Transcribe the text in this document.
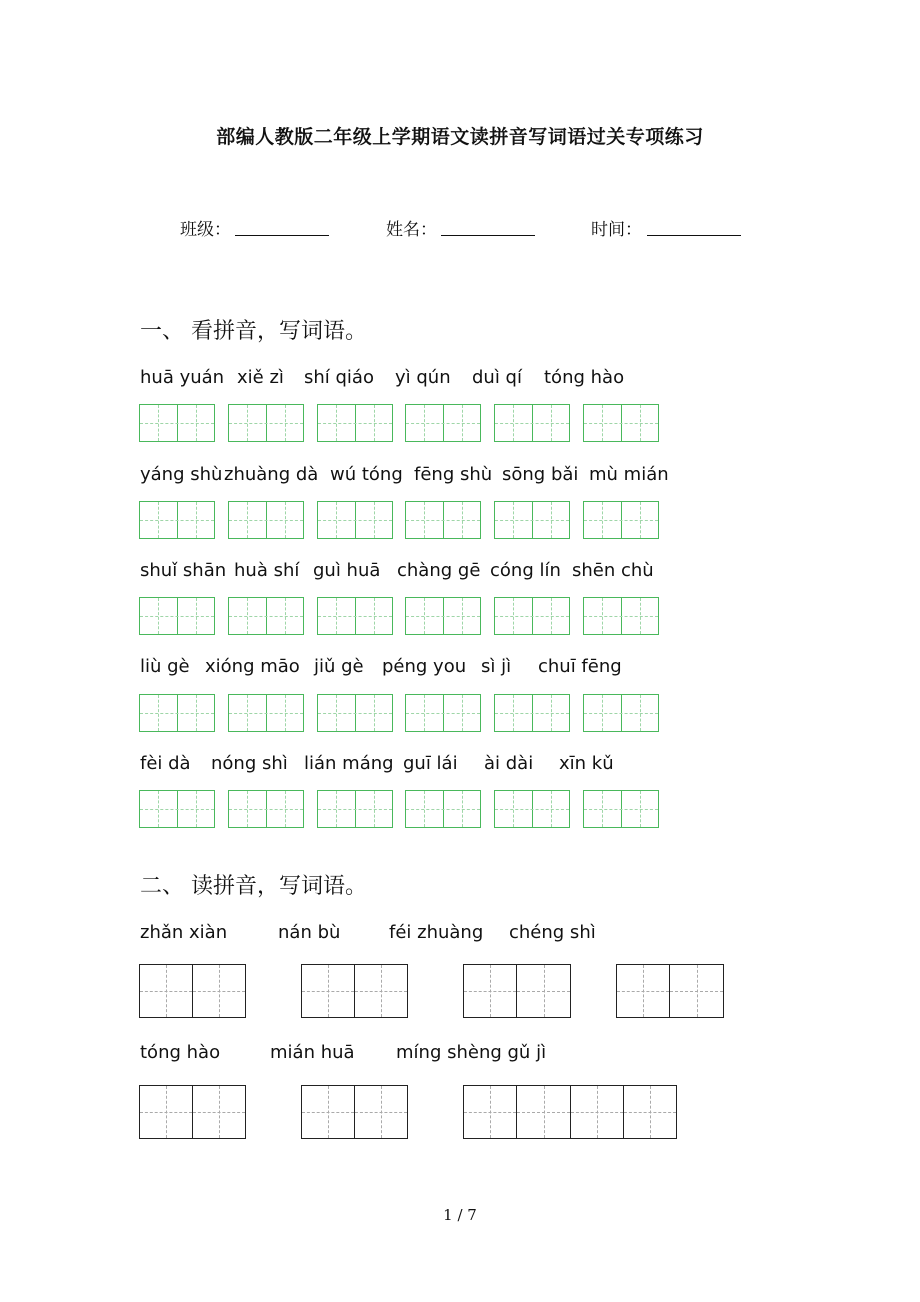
部编人教版二年级上学期语文读拼音写词语过关专项练习
班级：	姓名：	时间：
一、 看拼音，写词语。
huā yuán xiě zì shí qiáo yì qún duì qí tóng hào
yáng shù zhuàng dà wú tóng fēng shù sōng bǎi mù mián
shuǐ shān huà shí guì huā chàng gē cóng lín shēn chù
liù gè xióng māo jiǔ gè péng you sì jì chuī fēng
fèi dà nóng shì lián máng guī lái ài dài xīn kǔ
二、 读拼音，写词语。
zhǎn xiàn	nán bù	féi zhuàng chéng shì
tóng hào	mián huā míng shèng gǔ jì
1 / 7
